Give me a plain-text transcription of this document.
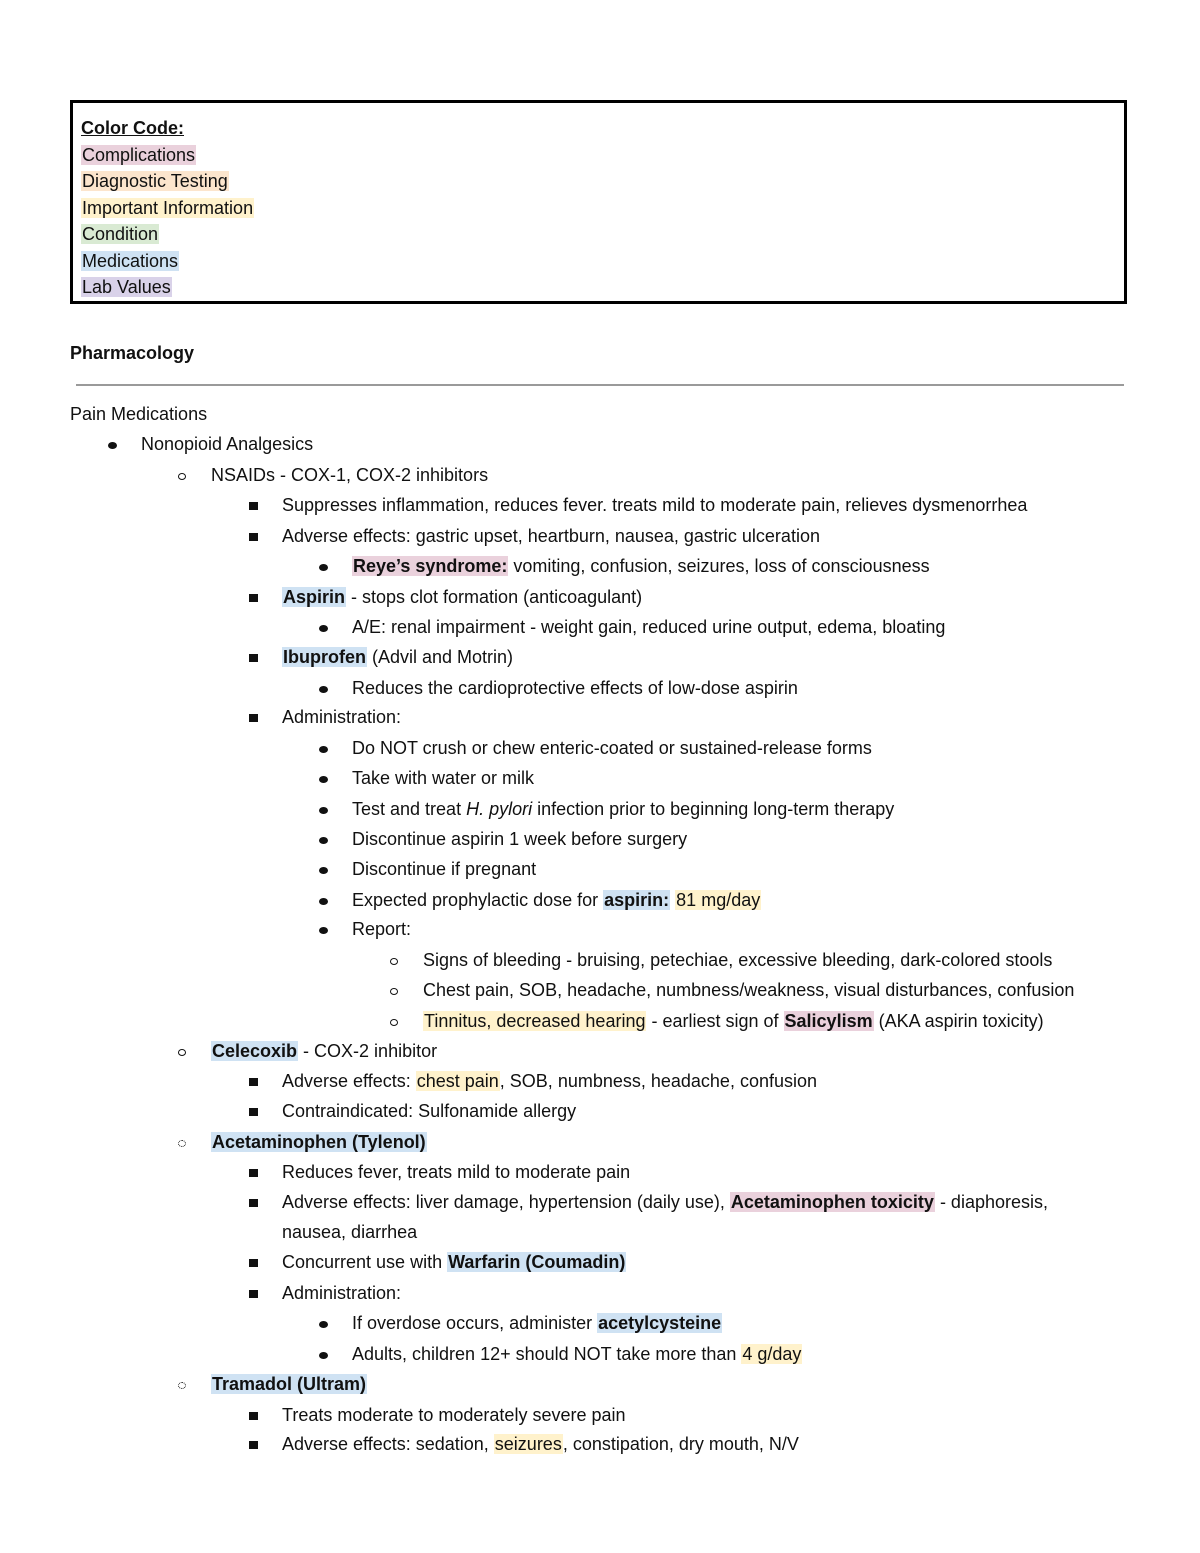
Color Code:
Complications
Diagnostic Testing
Important Information
Condition
Medications
Lab Values
Pharmacology
Pain Medications
Nonopioid Analgesics
NSAIDs - COX-1, COX-2 inhibitors
Suppresses inflammation, reduces fever. treats mild to moderate pain, relieves dysmenorrhea
Adverse effects: gastric upset, heartburn, nausea, gastric ulceration
Reye’s syndrome: vomiting, confusion, seizures, loss of consciousness
Aspirin - stops clot formation (anticoagulant)
A/E: renal impairment - weight gain, reduced urine output, edema, bloating
Ibuprofen (Advil and Motrin)
Reduces the cardioprotective effects of low-dose aspirin
Administration:
Do NOT crush or chew enteric-coated or sustained-release forms
Take with water or milk
Test and treat H. pylori infection prior to beginning long-term therapy
Discontinue aspirin 1 week before surgery
Discontinue if pregnant
Expected prophylactic dose for aspirin: 81 mg/day
Report:
Signs of bleeding - bruising, petechiae, excessive bleeding, dark-colored stools
Chest pain, SOB, headache, numbness/weakness, visual disturbances, confusion
Tinnitus, decreased hearing - earliest sign of Salicylism (AKA aspirin toxicity)
Celecoxib - COX-2 inhibitor
Adverse effects: chest pain, SOB, numbness, headache, confusion
Contraindicated: Sulfonamide allergy
Acetaminophen (Tylenol)
Reduces fever, treats mild to moderate pain
Adverse effects: liver damage, hypertension (daily use), Acetaminophen toxicity - diaphoresis,
nausea, diarrhea
Concurrent use with Warfarin (Coumadin)
Administration:
If overdose occurs, administer acetylcysteine
Adults, children 12+ should NOT take more than 4 g/day
Tramadol (Ultram)
Treats moderate to moderately severe pain
Adverse effects: sedation, seizures, constipation, dry mouth, N/V
